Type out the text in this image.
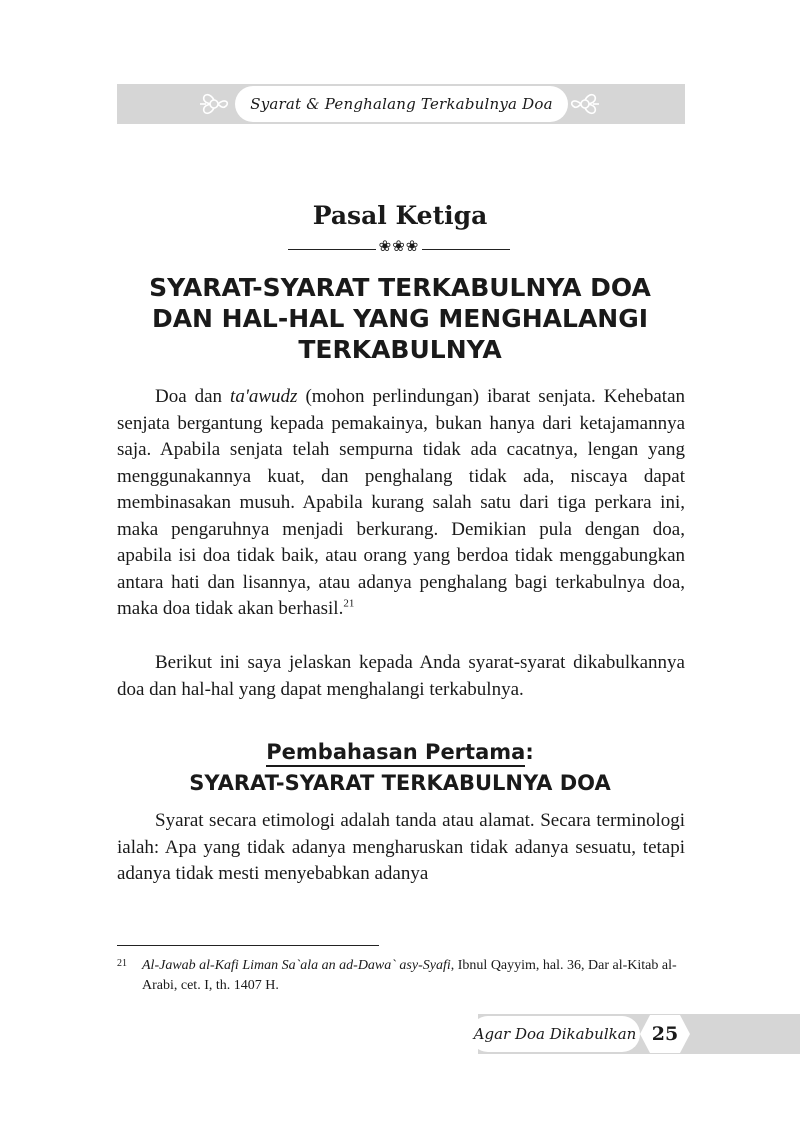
Syarat & Penghalang Terkabulnya Doa
Pasal Ketiga
❀❀❀
SYARAT-SYARAT TERKABULNYA DOA
DAN HAL-HAL YANG MENGHALANGI
TERKABULNYA

Doa dan ta'awudz (mohon perlindungan) ibarat senjata. Kehebatan senjata bergantung kepada pemakainya, bukan hanya dari ketajamannya saja. Apabila senjata telah sempurna tidak ada cacatnya, lengan yang menggunakannya kuat, dan penghalang tidak ada, niscaya dapat membinasakan musuh. Apabila kurang salah satu dari tiga perkara ini, maka pengaruhnya menjadi berkurang. Demikian pula dengan doa, apabila isi doa tidak baik, atau orang yang berdoa tidak menggabungkan antara hati dan lisannya, atau adanya penghalang bagi terkabulnya doa, maka doa tidak akan berhasil.$^{21}$

Berikut ini saya jelaskan kepada Anda syarat-syarat dikabulkannya doa dan hal-hal yang dapat menghalangi terkabulnya.

Pembahasan Pertama:
SYARAT-SYARAT TERKABULNYA DOA

Syarat secara etimologi adalah tanda atau alamat. Secara terminologi ialah: Apa yang tidak adanya mengharuskan tidak adanya sesuatu, tetapi adanya tidak mesti menyebabkan adanya

21	Al-Jawab al-Kafi Liman Sa`ala an ad-Dawa` asy-Syafi, Ibnul Qayyim, hal. 36, Dar al-Kitab al-Arabi, cet. I, th. 1407 H.
Agar Doa Dikabulkan 25
